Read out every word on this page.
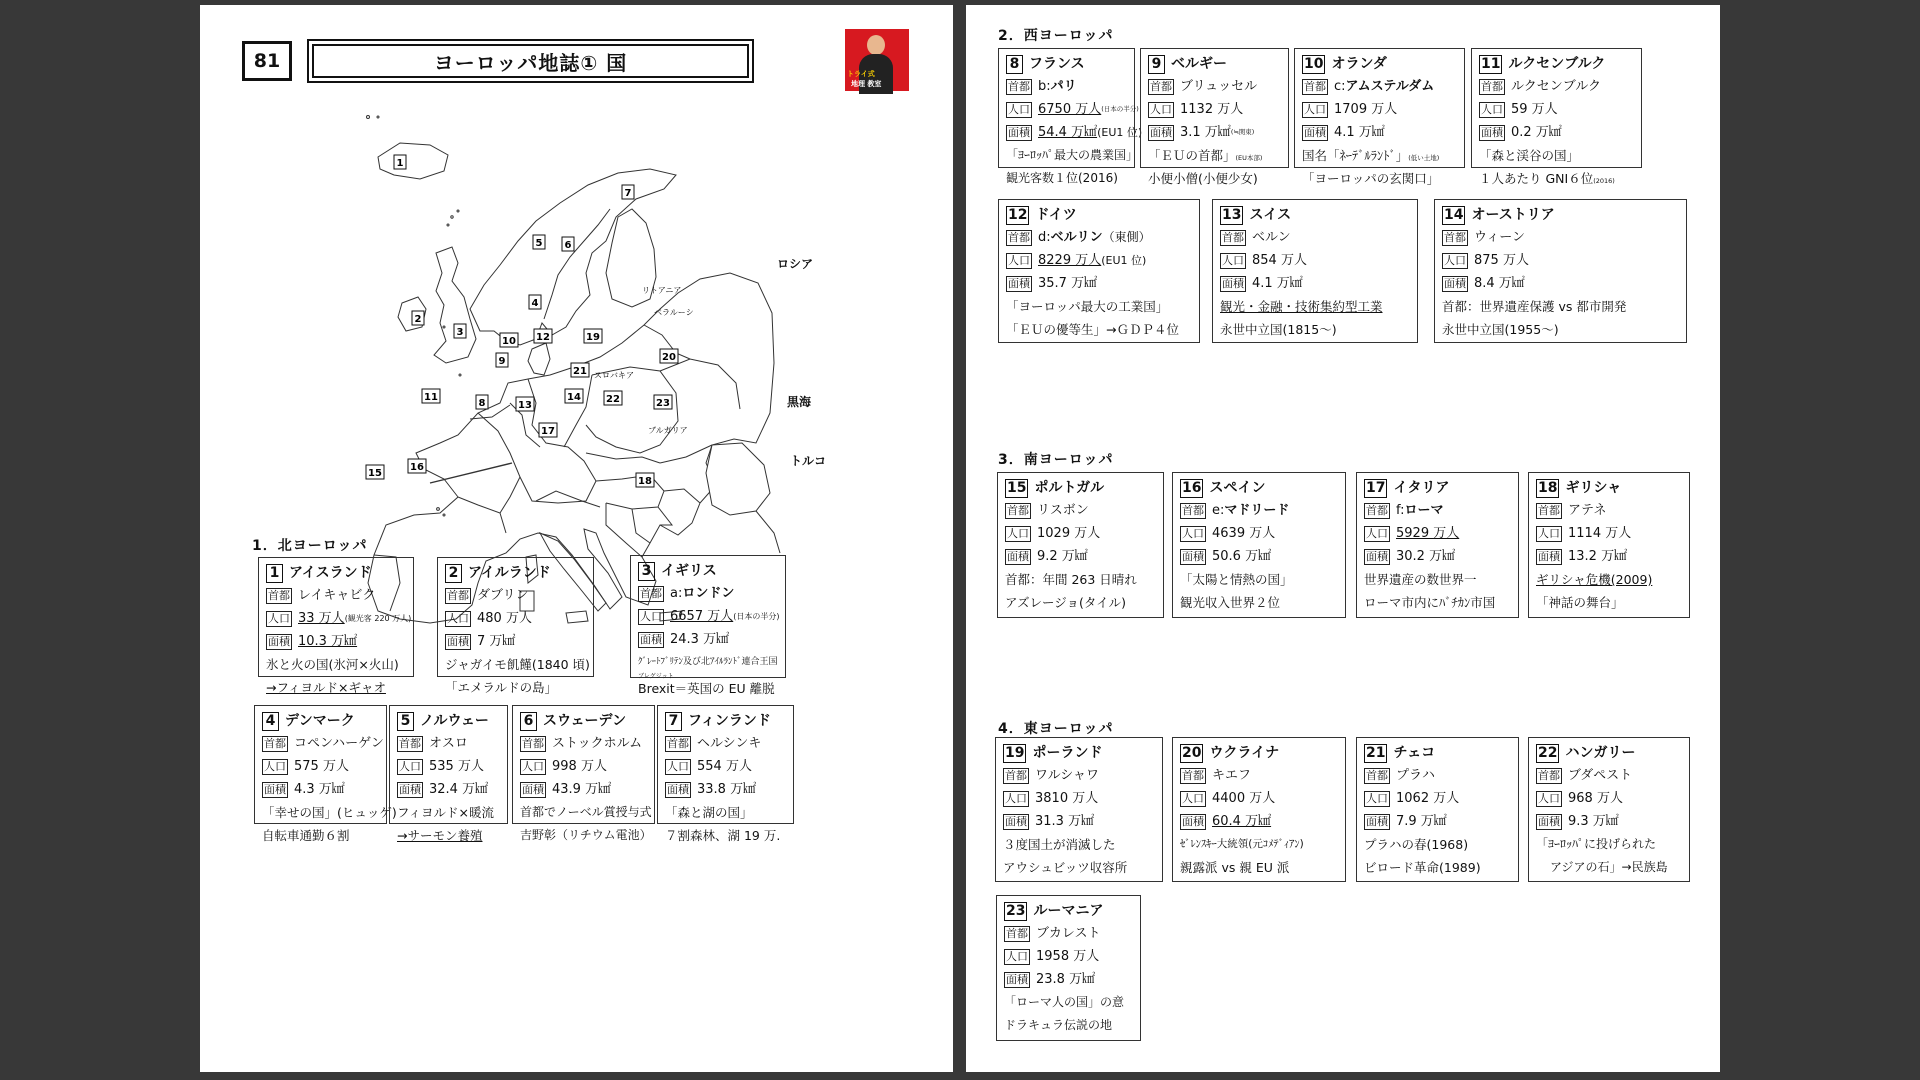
81	ヨーロッパ地誌① 国	トライ式
地理 教室
1
2
3
4
5 6
7
8
9
10
11
12
13
14
15
16
17
18
19
20
21
22	23
リトアニア
ベラルーシ
スロバキア
ブルガリア
ロシア
黒海
トルコ
1．北ヨーロッパ
1 アイスランド
首都 レイキャビク
人口 33 万人 (観光客 220 万人)
面積 10.3 万㎢
氷と火の国(氷河×火山)
→フィヨルド×ギャオ
2 アイルランド
首都 ダブリン
人口 480 万人
面積 7 万㎢
ジャガイモ飢饉(1840 頃)
「エメラルドの島」
3 イギリス
首都 a: ロンドン
人口 6657 万人 (日本の半分)
面積 24.3 万㎢
ｸﾞﾚｰﾄﾌﾞﾘﾃﾝ及び北ｱｲﾙﾗﾝﾄﾞ連合王国
ブレグジット
Brexit＝英国の EU 離脱
4 デンマーク
首都 コペンハーゲン
人口 575 万人
面積 4.3 万㎢
「幸せの国」(ヒュッゲ)
自転車通勤６割
5 ノルウェー
首都 オスロ
人口 535 万人
面積 32.4 万㎢
フィヨルド×暖流
→サーモン養殖
6 スウェーデン
首都 ストックホルム
人口 998 万人
面積 43.9 万㎢
首都でノーベル賞授与式
吉野彰（リチウム電池）
7 フィンランド
首都 ヘルシンキ
人口 554 万人
面積 33.8 万㎢
「森と湖の国」
７割森林、湖 19 万.
2．西ヨーロッパ
8 フランス
首都 b: パリ
人口 6750 万人 (日本の半分)
面積 54.4 万㎢ (EU1 位)
「ﾖｰﾛｯﾊﾟ最大の農業国」
観光客数１位(2016)
9 ベルギー
首都 ブリュッセル
人口 1132 万人
面積 3.1 万㎢ (≒関東)
「ＥＵの首都」(EU本部)
小便小僧(小便少女)
10 オランダ
首都 c: アムステルダム
人口 1709 万人
面積 4.1 万㎢
国名「ﾈｰﾃﾞﾙﾗﾝﾄﾞ」(低い土地)
「ヨーロッパの玄関口」
11 ルクセンブルク
首都 ルクセンブルク
人口 59 万人
面積 0.2 万㎢
「森と渓谷の国」
１人あたり GNI６位(2016)
12 ドイツ
首都 d: ベルリン （東側）
人口 8229 万人 (EU1 位)
面積 35.7 万㎢
「ヨーロッパ最大の工業国」
「ＥＵの優等生」→ＧＤＰ４位
13 スイス
首都 ベルン
人口 854 万人
面積 4.1 万㎢
観光・金融・技術集約型工業
永世中立国(1815〜)
14 オーストリア
首都 ウィーン
人口 875 万人
面積 8.4 万㎢
首都：世界遺産保護 vs 都市開発
永世中立国(1955〜)
3．南ヨーロッパ
15 ポルトガル
首都 リスボン
人口 1029 万人
面積 9.2 万㎢
首都：年間 263 日晴れ
アズレージョ(タイル)
16 スペイン
首都 e: マドリード
人口 4639 万人
面積 50.6 万㎢
「太陽と情熱の国」
観光収入世界２位
17 イタリア
首都 f: ローマ
人口 5929 万人
面積 30.2 万㎢
世界遺産の数世界一
ローマ市内にﾊﾞﾁｶﾝ市国
18 ギリシャ
首都 アテネ
人口 1114 万人
面積 13.2 万㎢
ギリシャ危機(2009)
「神話の舞台」
4．東ヨーロッパ
19 ポーランド
首都 ワルシャワ
人口 3810 万人
面積 31.3 万㎢
３度国土が消滅した
アウシュビッツ収容所
20 ウクライナ
首都 キエフ
人口 4400 万人
面積 60.4 万㎢
ｾﾞﾚﾝｽｷｰ大統領(元ｺﾒﾃﾞｨｱﾝ)
親露派 vs 親 EU 派
21 チェコ
首都 プラハ
人口 1062 万人
面積 7.9 万㎢
プラハの春(1968)
ビロード革命(1989)
22 ハンガリー
首都 ブダペスト
人口 968 万人
面積 9.3 万㎢
「ﾖｰﾛｯﾊﾟに投げられた
アジアの石」→民族島
23 ルーマニア
首都 ブカレスト
人口 1958 万人
面積 23.8 万㎢
「ローマ人の国」の意
ドラキュラ伝説の地
